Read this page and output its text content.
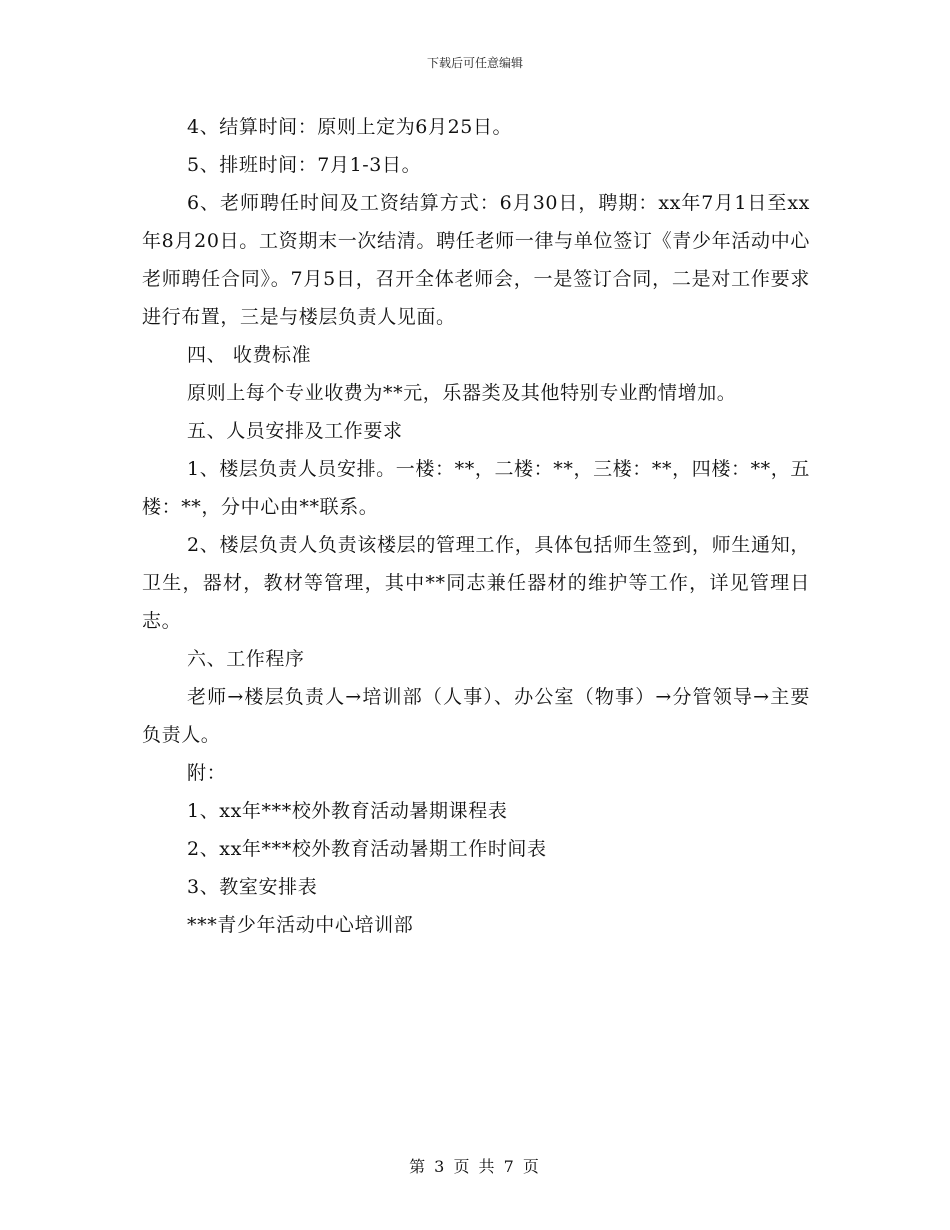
下载后可任意编辑

4、结算时间：原则上定为6月25日。

5、排班时间：7月1-3日。

6、老师聘任时间及工资结算方式：6月30日，聘期：xx年7月1日至xx年8月20日。工资期末一次结清。聘任老师一律与单位签订《青少年活动中心老师聘任合同》。7月5日，召开全体老师会，一是签订合同，二是对工作要求进行布置，三是与楼层负责人见面。

四、 收费标准

原则上每个专业收费为**元，乐器类及其他特别专业酌情增加。

五、人员安排及工作要求

1、楼层负责人员安排。一楼：**，二楼：**，三楼：**，四楼：**，五楼：**，分中心由**联系。

2、楼层负责人负责该楼层的管理工作，具体包括师生签到，师生通知，卫生，器材，教材等管理，其中**同志兼任器材的维护等工作，详见管理日志。

六、工作程序

老师→楼层负责人→培训部（人事）、办公室（物事）→分管领导→主要负责人。

附：

1、xx年***校外教育活动暑期课程表

2、xx年***校外教育活动暑期工作时间表

3、教室安排表

***青少年活动中心培训部

第 3 页 共 7 页
